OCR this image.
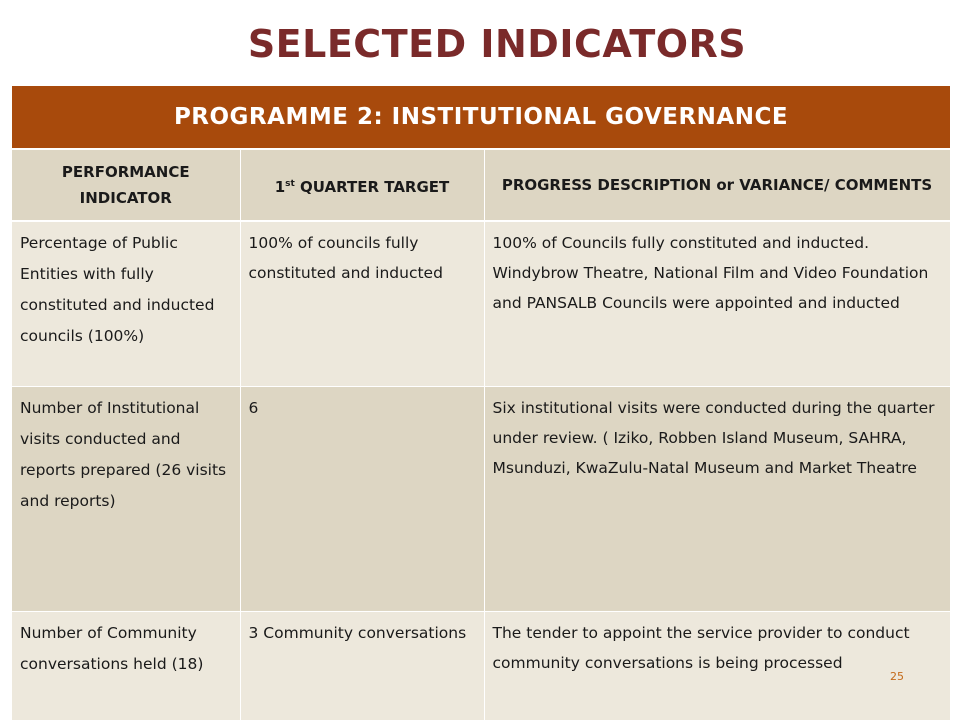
SELECTED INDICATORS
PROGRAMME 2: INSTITUTIONAL GOVERNANCE		
PERFORMANCE INDICATOR	1st QUARTER TARGET	PROGRESS DESCRIPTION or VARIANCE/ COMMENTS
Percentage of Public Entities with fully constituted and inducted councils (100%)	100% of councils fully constituted and inducted	100% of Councils fully constituted and inducted. Windybrow Theatre, National Film and Video Foundation and PANSALB Councils were appointed and inducted
Number of Institutional visits conducted and reports prepared (26 visits and reports)	6	Six institutional visits were conducted during the quarter under review. ( Iziko, Robben Island Museum, SAHRA, Msunduzi, KwaZulu-Natal Museum and Market Theatre
Number of Community conversations held (18)	3 Community conversations	The tender to appoint the service provider to conduct community conversations is being processed
25
